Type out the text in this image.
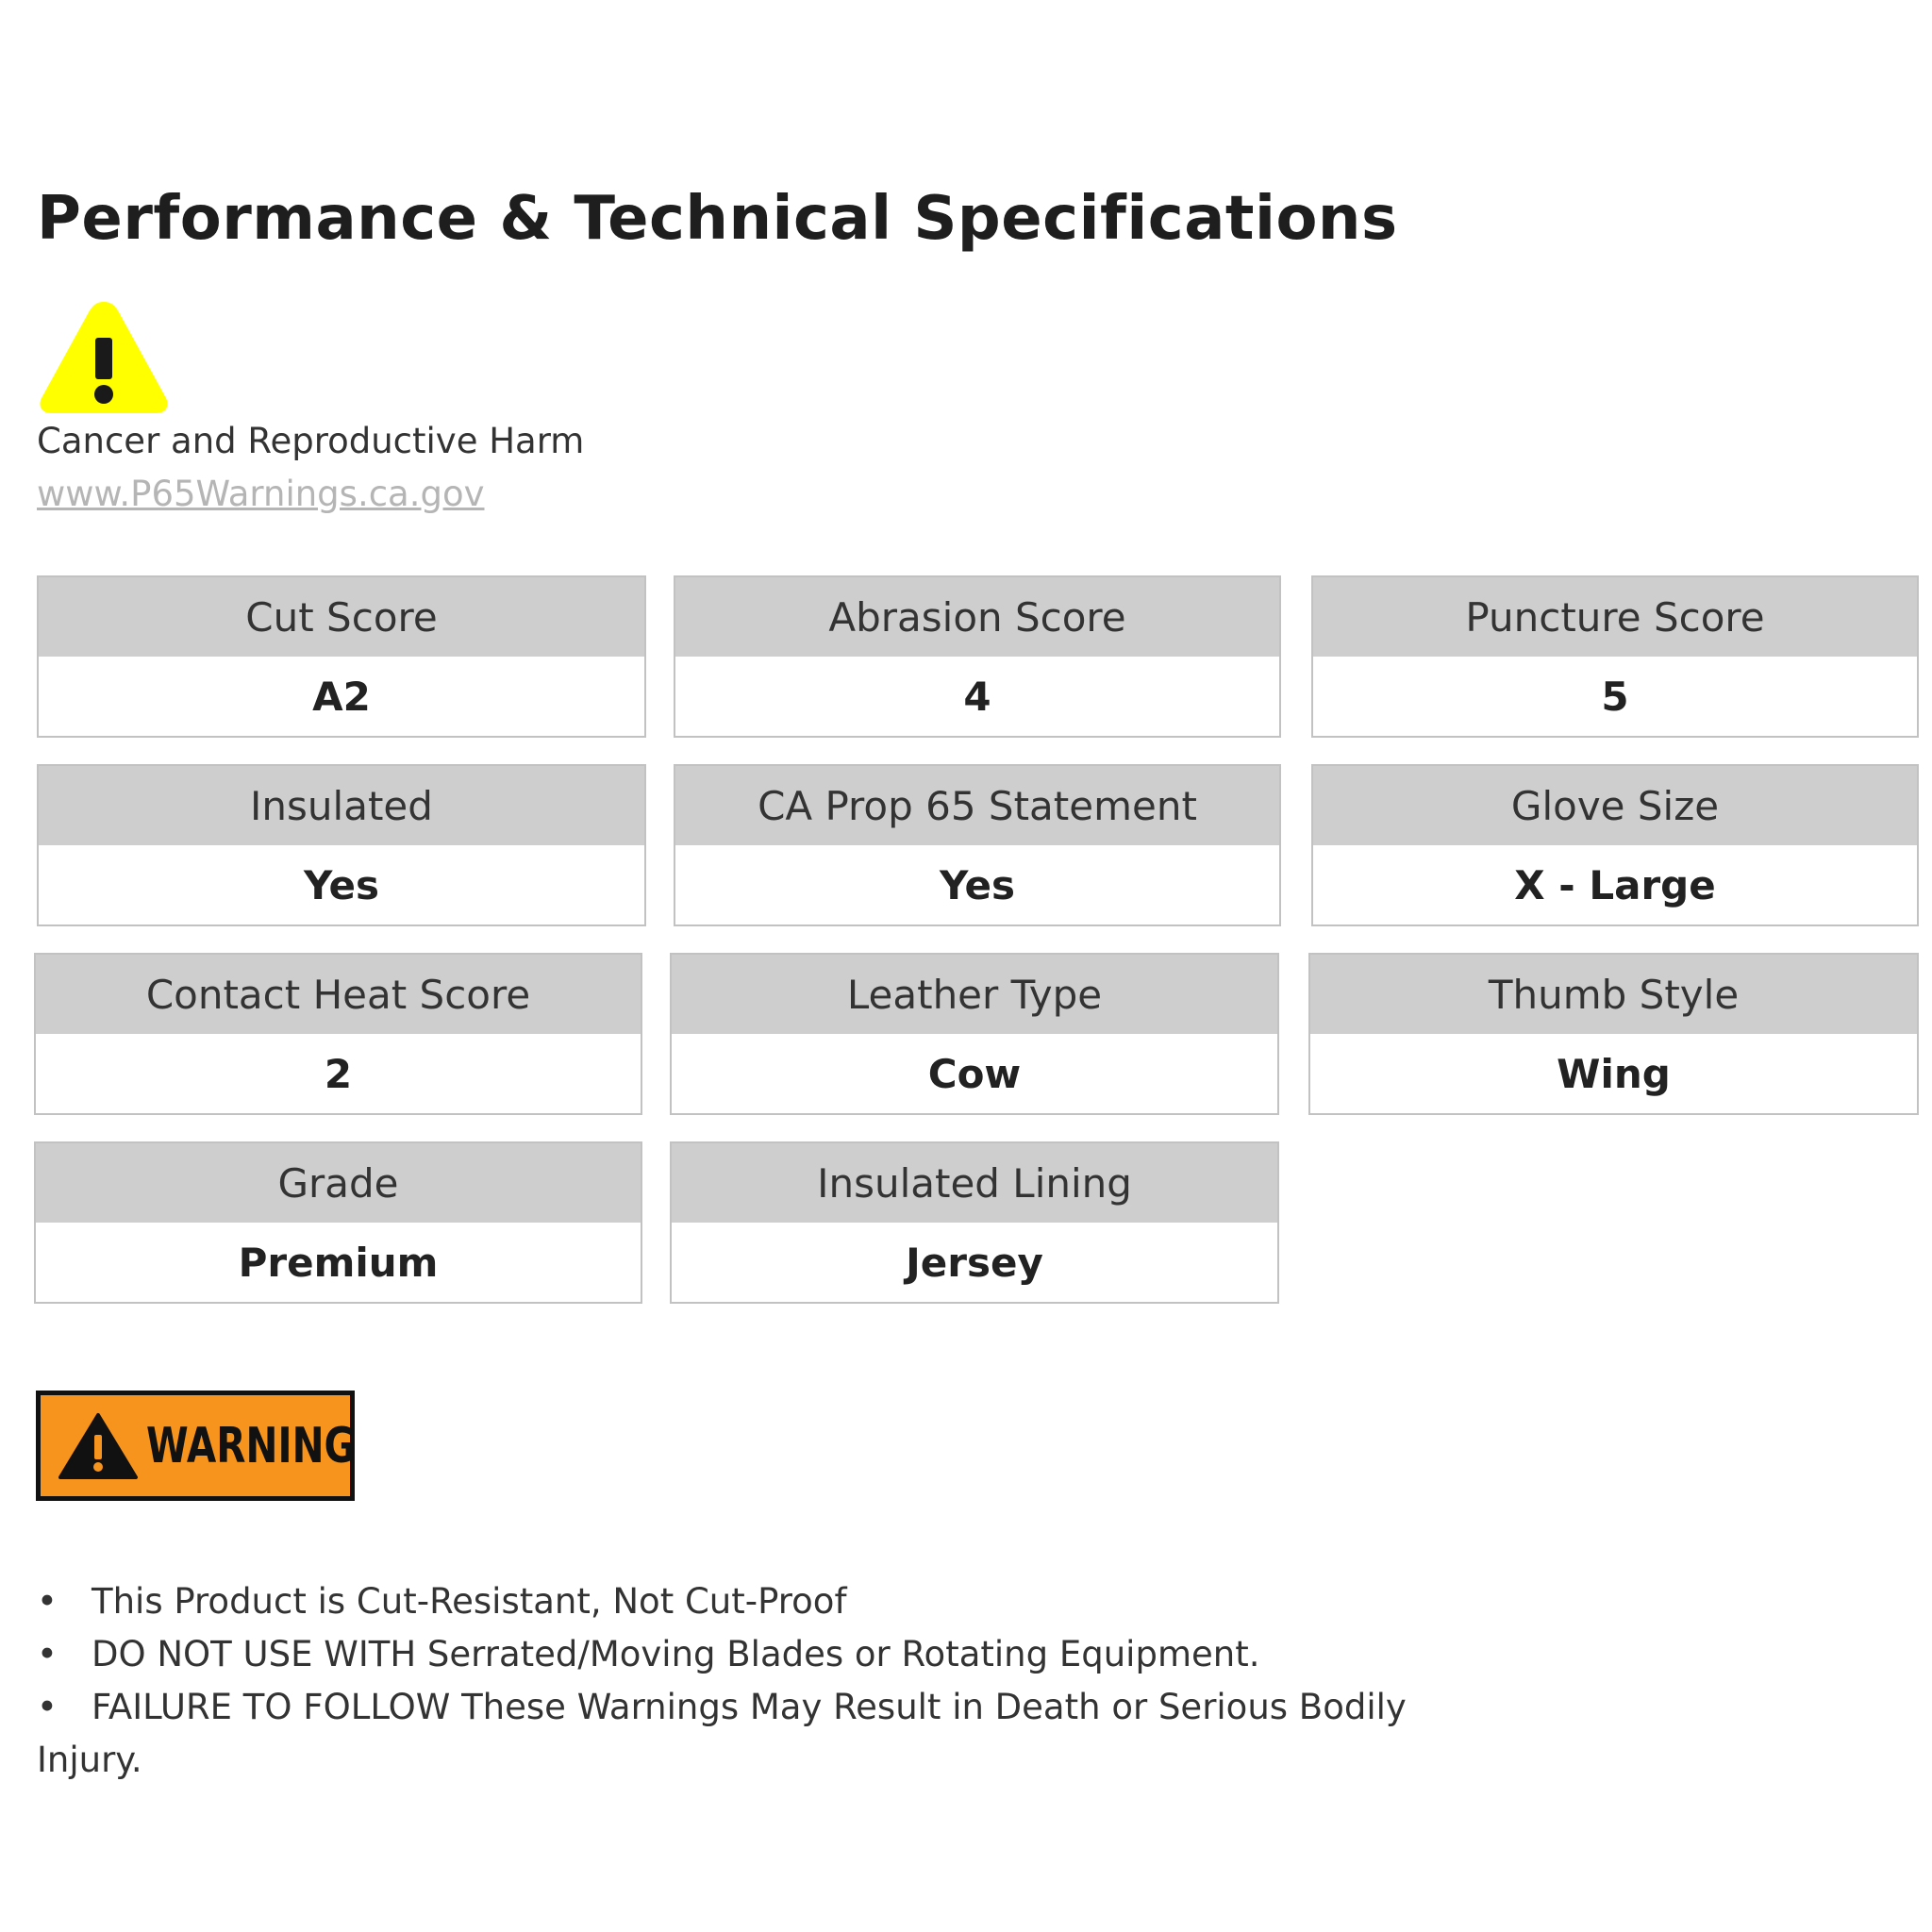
Performance & Technical Specifications
Cancer and Reproductive Harm
www.P65Warnings.ca.gov
Cut Score
A2
Abrasion Score
4
Puncture Score
5
Insulated
Yes
CA Prop 65 Statement
Yes
Glove Size
X - Large
Contact Heat Score
2
Leather Type
Cow
Thumb Style
Wing
Grade
Premium
Insulated Lining
Jersey
WARNING
• This Product is Cut-Resistant, Not Cut-Proof
• DO NOT USE WITH Serrated/Moving Blades or Rotating Equipment.
• FAILURE TO FOLLOW These Warnings May Result in Death or Serious Bodily Injury.
